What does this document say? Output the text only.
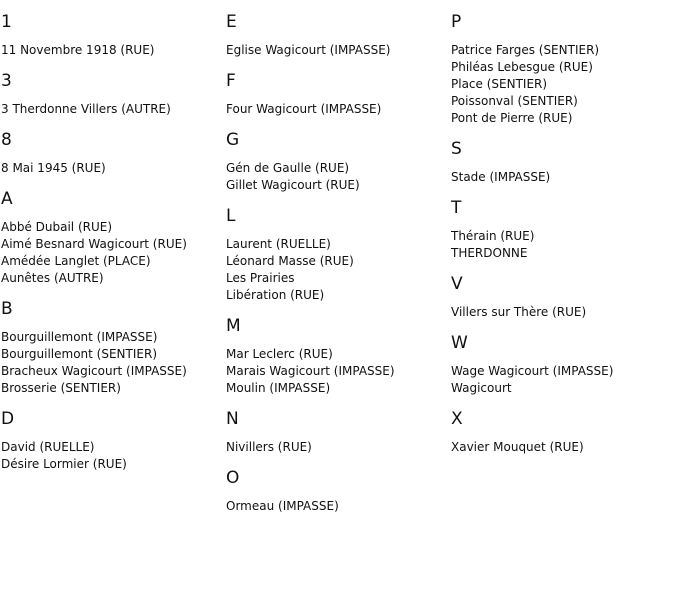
1
11 Novembre 1918 (RUE)
3
3 Therdonne Villers (AUTRE)
8
8 Mai 1945 (RUE)
A
Abbé Dubail (RUE)
Aimé Besnard Wagicourt (RUE)
Amédée Langlet (PLACE)
Aunêtes (AUTRE)
B
Bourguillemont (IMPASSE)
Bourguillemont (SENTIER)
Bracheux Wagicourt (IMPASSE)
Brosserie (SENTIER)
D
David (RUELLE)
Désire Lormier (RUE)
E
Eglise Wagicourt (IMPASSE)
F
Four Wagicourt (IMPASSE)
G
Gén de Gaulle (RUE)
Gillet Wagicourt (RUE)
L
Laurent (RUELLE)
Léonard Masse (RUE)
Les Prairies
Libération (RUE)
M
Mar Leclerc (RUE)
Marais Wagicourt (IMPASSE)
Moulin (IMPASSE)
N
Nivillers (RUE)
O
Ormeau (IMPASSE)
P
Patrice Farges (SENTIER)
Philéas Lebesgue (RUE)
Place (SENTIER)
Poissonval (SENTIER)
Pont de Pierre (RUE)
S
Stade (IMPASSE)
T
Thérain (RUE)
THERDONNE
V
Villers sur Thère (RUE)
W
Wage Wagicourt (IMPASSE)
Wagicourt
X
Xavier Mouquet (RUE)
